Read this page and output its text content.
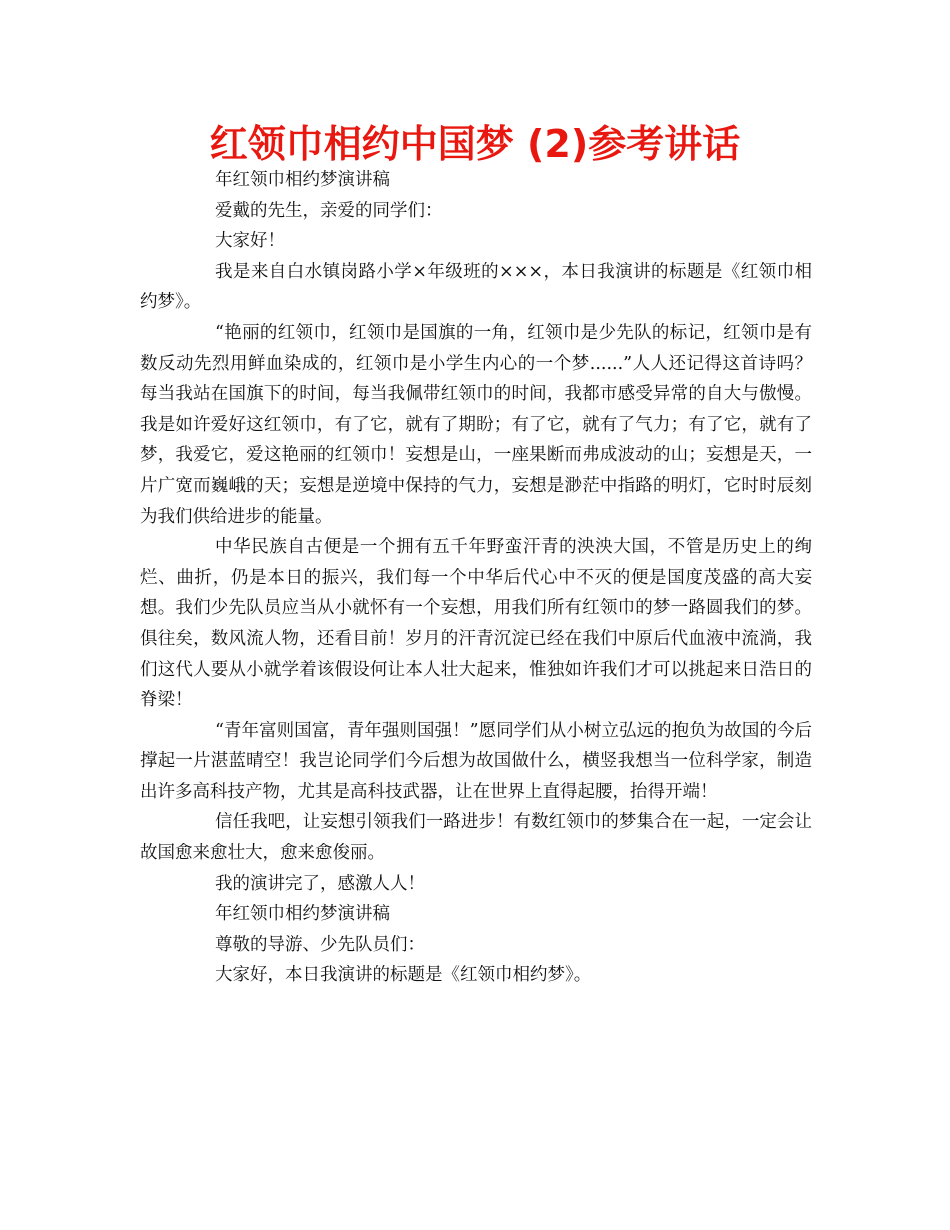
红领巾相约中国梦 (2)参考讲话

年红领巾相约梦演讲稿

爱戴的先生，亲爱的同学们：

大家好！

我是来自白水镇岗路小学×年级班的×××，本日我演讲的标题是《红领巾相约梦》。

“艳丽的红领巾，红领巾是国旗的一角，红领巾是少先队的标记，红领巾是有数反动先烈用鲜血染成的，红领巾是小学生内心的一个梦......”人人还记得这首诗吗？每当我站在国旗下的时间，每当我佩带红领巾的时间，我都市感受异常的自大与傲慢。我是如许爱好这红领巾，有了它，就有了期盼；有了它，就有了气力；有了它，就有了梦，我爱它，爱这艳丽的红领巾！妄想是山，一座果断而弗成波动的山；妄想是天，一片广宽而巍峨的天；妄想是逆境中保持的气力，妄想是渺茫中指路的明灯，它时时辰刻为我们供给进步的能量。

中华民族自古便是一个拥有五千年野蛮汗青的泱泱大国，不管是历史上的绚烂、曲折，仍是本日的振兴，我们每一个中华后代心中不灭的便是国度茂盛的高大妄想。我们少先队员应当从小就怀有一个妄想，用我们所有红领巾的梦一路圆我们的梦。俱往矣，数风流人物，还看目前！岁月的汗青沉淀已经在我们中原后代血液中流淌，我们这代人要从小就学着该假设何让本人壮大起来，惟独如许我们才可以挑起来日浩日的脊梁！

“青年富则国富，青年强则国强！”愿同学们从小树立弘远的抱负为故国的今后撑起一片湛蓝晴空！我岂论同学们今后想为故国做什么，横竖我想当一位科学家，制造出许多高科技产物，尤其是高科技武器，让在世界上直得起腰，抬得开端！

信任我吧，让妄想引领我们一路进步！有数红领巾的梦集合在一起，一定会让故国愈来愈壮大，愈来愈俊丽。

我的演讲完了，感激人人！

年红领巾相约梦演讲稿

尊敬的导游、少先队员们：

大家好，本日我演讲的标题是《红领巾相约梦》。
